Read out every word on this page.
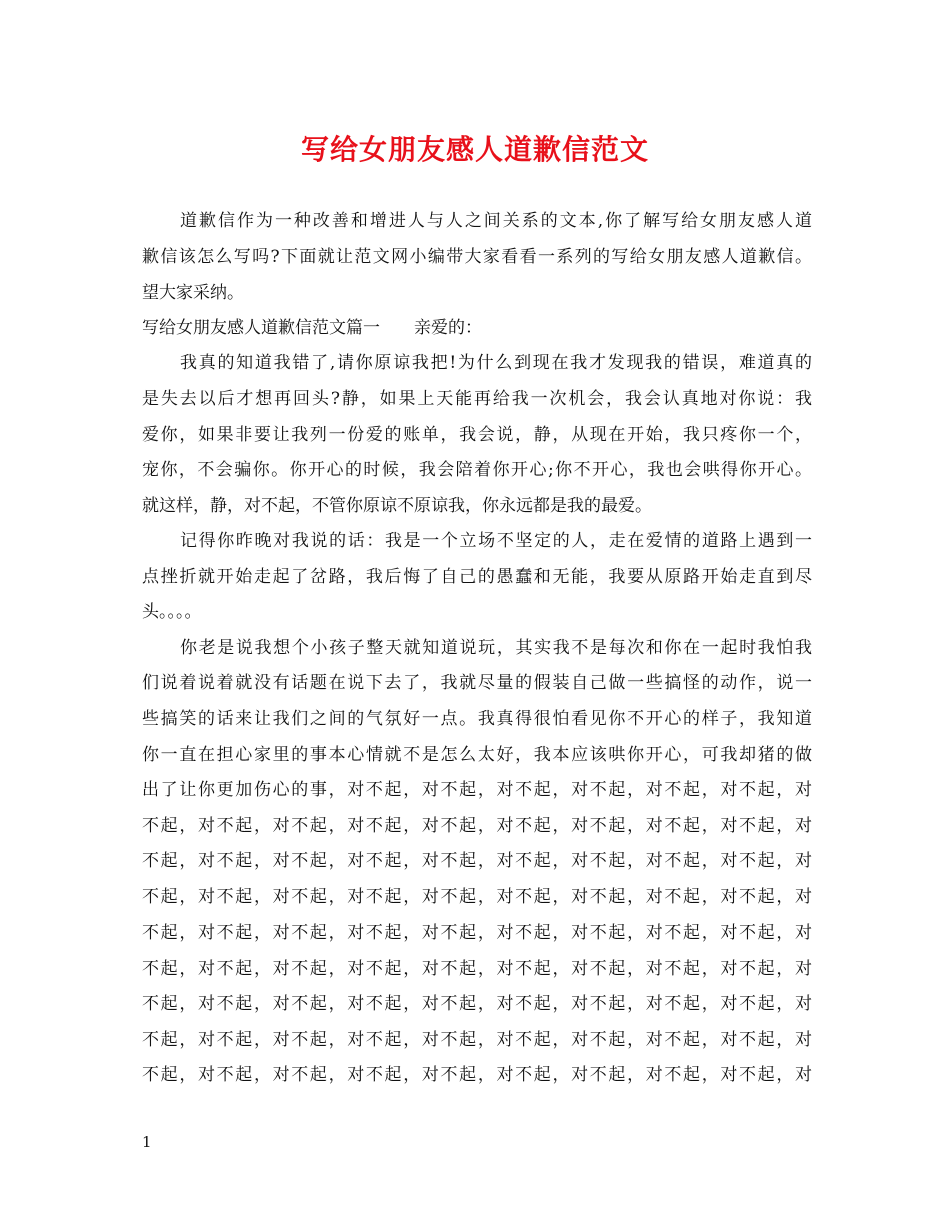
写给女朋友感人道歉信范文
道歉信作为一种改善和增进人与人之间关系的文本,你了解写给女朋友感人道
歉信该怎么写吗?下面就让范文网小编带大家看看一系列的写给女朋友感人道歉信。
望大家采纳。
写给女朋友感人道歉信范文篇一　　亲爱的：
我真的知道我错了,请你原谅我把!为什么到现在我才发现我的错误，难道真的
是失去以后才想再回头?静，如果上天能再给我一次机会，我会认真地对你说：我
爱你，如果非要让我列一份爱的账单，我会说，静，从现在开始，我只疼你一个，
宠你，不会骗你。你开心的时候，我会陪着你开心;你不开心，我也会哄得你开心。
就这样，静，对不起，不管你原谅不原谅我，你永远都是我的最爱。
记得你昨晚对我说的话：我是一个立场不坚定的人，走在爱情的道路上遇到一
点挫折就开始走起了岔路，我后悔了自己的愚蠢和无能，我要从原路开始走直到尽
头。。。。
你老是说我想个小孩子整天就知道说玩，其实我不是每次和你在一起时我怕我
们说着说着就没有话题在说下去了，我就尽量的假装自己做一些搞怪的动作，说一
些搞笑的话来让我们之间的气氛好一点。我真得很怕看见你不开心的样子，我知道
你一直在担心家里的事本心情就不是怎么太好，我本应该哄你开心，可我却猪的做
出了让你更加伤心的事，对不起，对不起，对不起，对不起，对不起，对不起，对
不起，对不起，对不起，对不起，对不起，对不起，对不起，对不起，对不起，对
不起，对不起，对不起，对不起，对不起，对不起，对不起，对不起，对不起，对
不起，对不起，对不起，对不起，对不起，对不起，对不起，对不起，对不起，对
不起，对不起，对不起，对不起，对不起，对不起，对不起，对不起，对不起，对
不起，对不起，对不起，对不起，对不起，对不起，对不起，对不起，对不起，对
不起，对不起，对不起，对不起，对不起，对不起，对不起，对不起，对不起，对
不起，对不起，对不起，对不起，对不起，对不起，对不起，对不起，对不起，对
不起，对不起，对不起，对不起，对不起，对不起，对不起，对不起，对不起，对
1
